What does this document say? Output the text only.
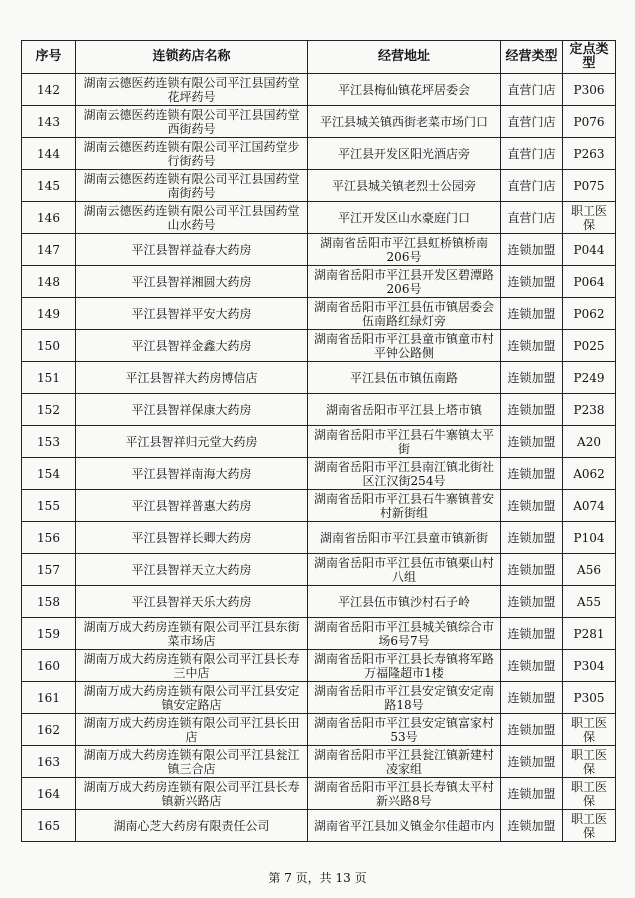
序号	连锁药店名称	经营地址	经营类型	定点类型
142	湖南云德医药连锁有限公司平江县国药堂花坪药号	平江县梅仙镇花坪居委会	直营门店	P306
143	湖南云德医药连锁有限公司平江县国药堂西街药号	平江县城关镇西街老菜市场门口	直营门店	P076
144	湖南云德医药连锁有限公司平江国药堂步行街药号	平江县开发区阳光酒店旁	直营门店	P263
145	湖南云德医药连锁有限公司平江县国药堂南街药号	平江县城关镇老烈士公园旁	直营门店	P075
146	湖南云德医药连锁有限公司平江县国药堂山水药号	平江开发区山水豪庭门口	直营门店	职工医保
147	平江县智祥益春大药房	湖南省岳阳市平江县虹桥镇桥南206号	连锁加盟	P044
148	平江县智祥湘圆大药房	湖南省岳阳市平江县开发区碧潭路206号	连锁加盟	P064
149	平江县智祥平安大药房	湖南省岳阳市平江县伍市镇居委会伍南路红绿灯旁	连锁加盟	P062
150	平江县智祥金鑫大药房	湖南省岳阳市平江县童市镇童市村平钟公路侧	连锁加盟	P025
151	平江县智祥大药房博信店	平江县伍市镇伍南路	连锁加盟	P249
152	平江县智祥保康大药房	湖南省岳阳市平江县上塔市镇	连锁加盟	P238
153	平江县智祥归元堂大药房	湖南省岳阳市平江县石牛寨镇太平街	连锁加盟	A20
154	平江县智祥南海大药房	湖南省岳阳市平江县南江镇北街社区江汉街254号	连锁加盟	A062
155	平江县智祥普惠大药房	湖南省岳阳市平江县石牛寨镇普安村新街组	连锁加盟	A074
156	平江县智祥长卿大药房	湖南省岳阳市平江县童市镇新街	连锁加盟	P104
157	平江县智祥天立大药房	湖南省岳阳市平江县伍市镇栗山村八组	连锁加盟	A56
158	平江县智祥天乐大药房	平江县伍市镇沙村石子岭	连锁加盟	A55
159	湖南万成大药房连锁有限公司平江县东街菜市场店	湖南省岳阳市平江县城关镇综合市场6号7号	连锁加盟	P281
160	湖南万成大药房连锁有限公司平江县长寿三中店	湖南省岳阳市平江县长寿镇将军路万福隆超市1楼	连锁加盟	P304
161	湖南万成大药房连锁有限公司平江县安定镇安定路店	湖南省岳阳市平江县安定镇安定南路18号	连锁加盟	P305
162	湖南万成大药房连锁有限公司平江县长田店	湖南省岳阳市平江县安定镇富家村53号	连锁加盟	职工医保
163	湖南万成大药房连锁有限公司平江县瓮江镇三合店	湖南省岳阳市平江县瓮江镇新建村凌家组	连锁加盟	职工医保
164	湖南万成大药房连锁有限公司平江县长寿镇新兴路店	湖南省岳阳市平江县长寿镇太平村新兴路8号	连锁加盟	职工医保
165	湖南心芝大药房有限责任公司	湖南省平江县加义镇金尔佳超市内	连锁加盟	职工医保
第 7 页，共 13 页
